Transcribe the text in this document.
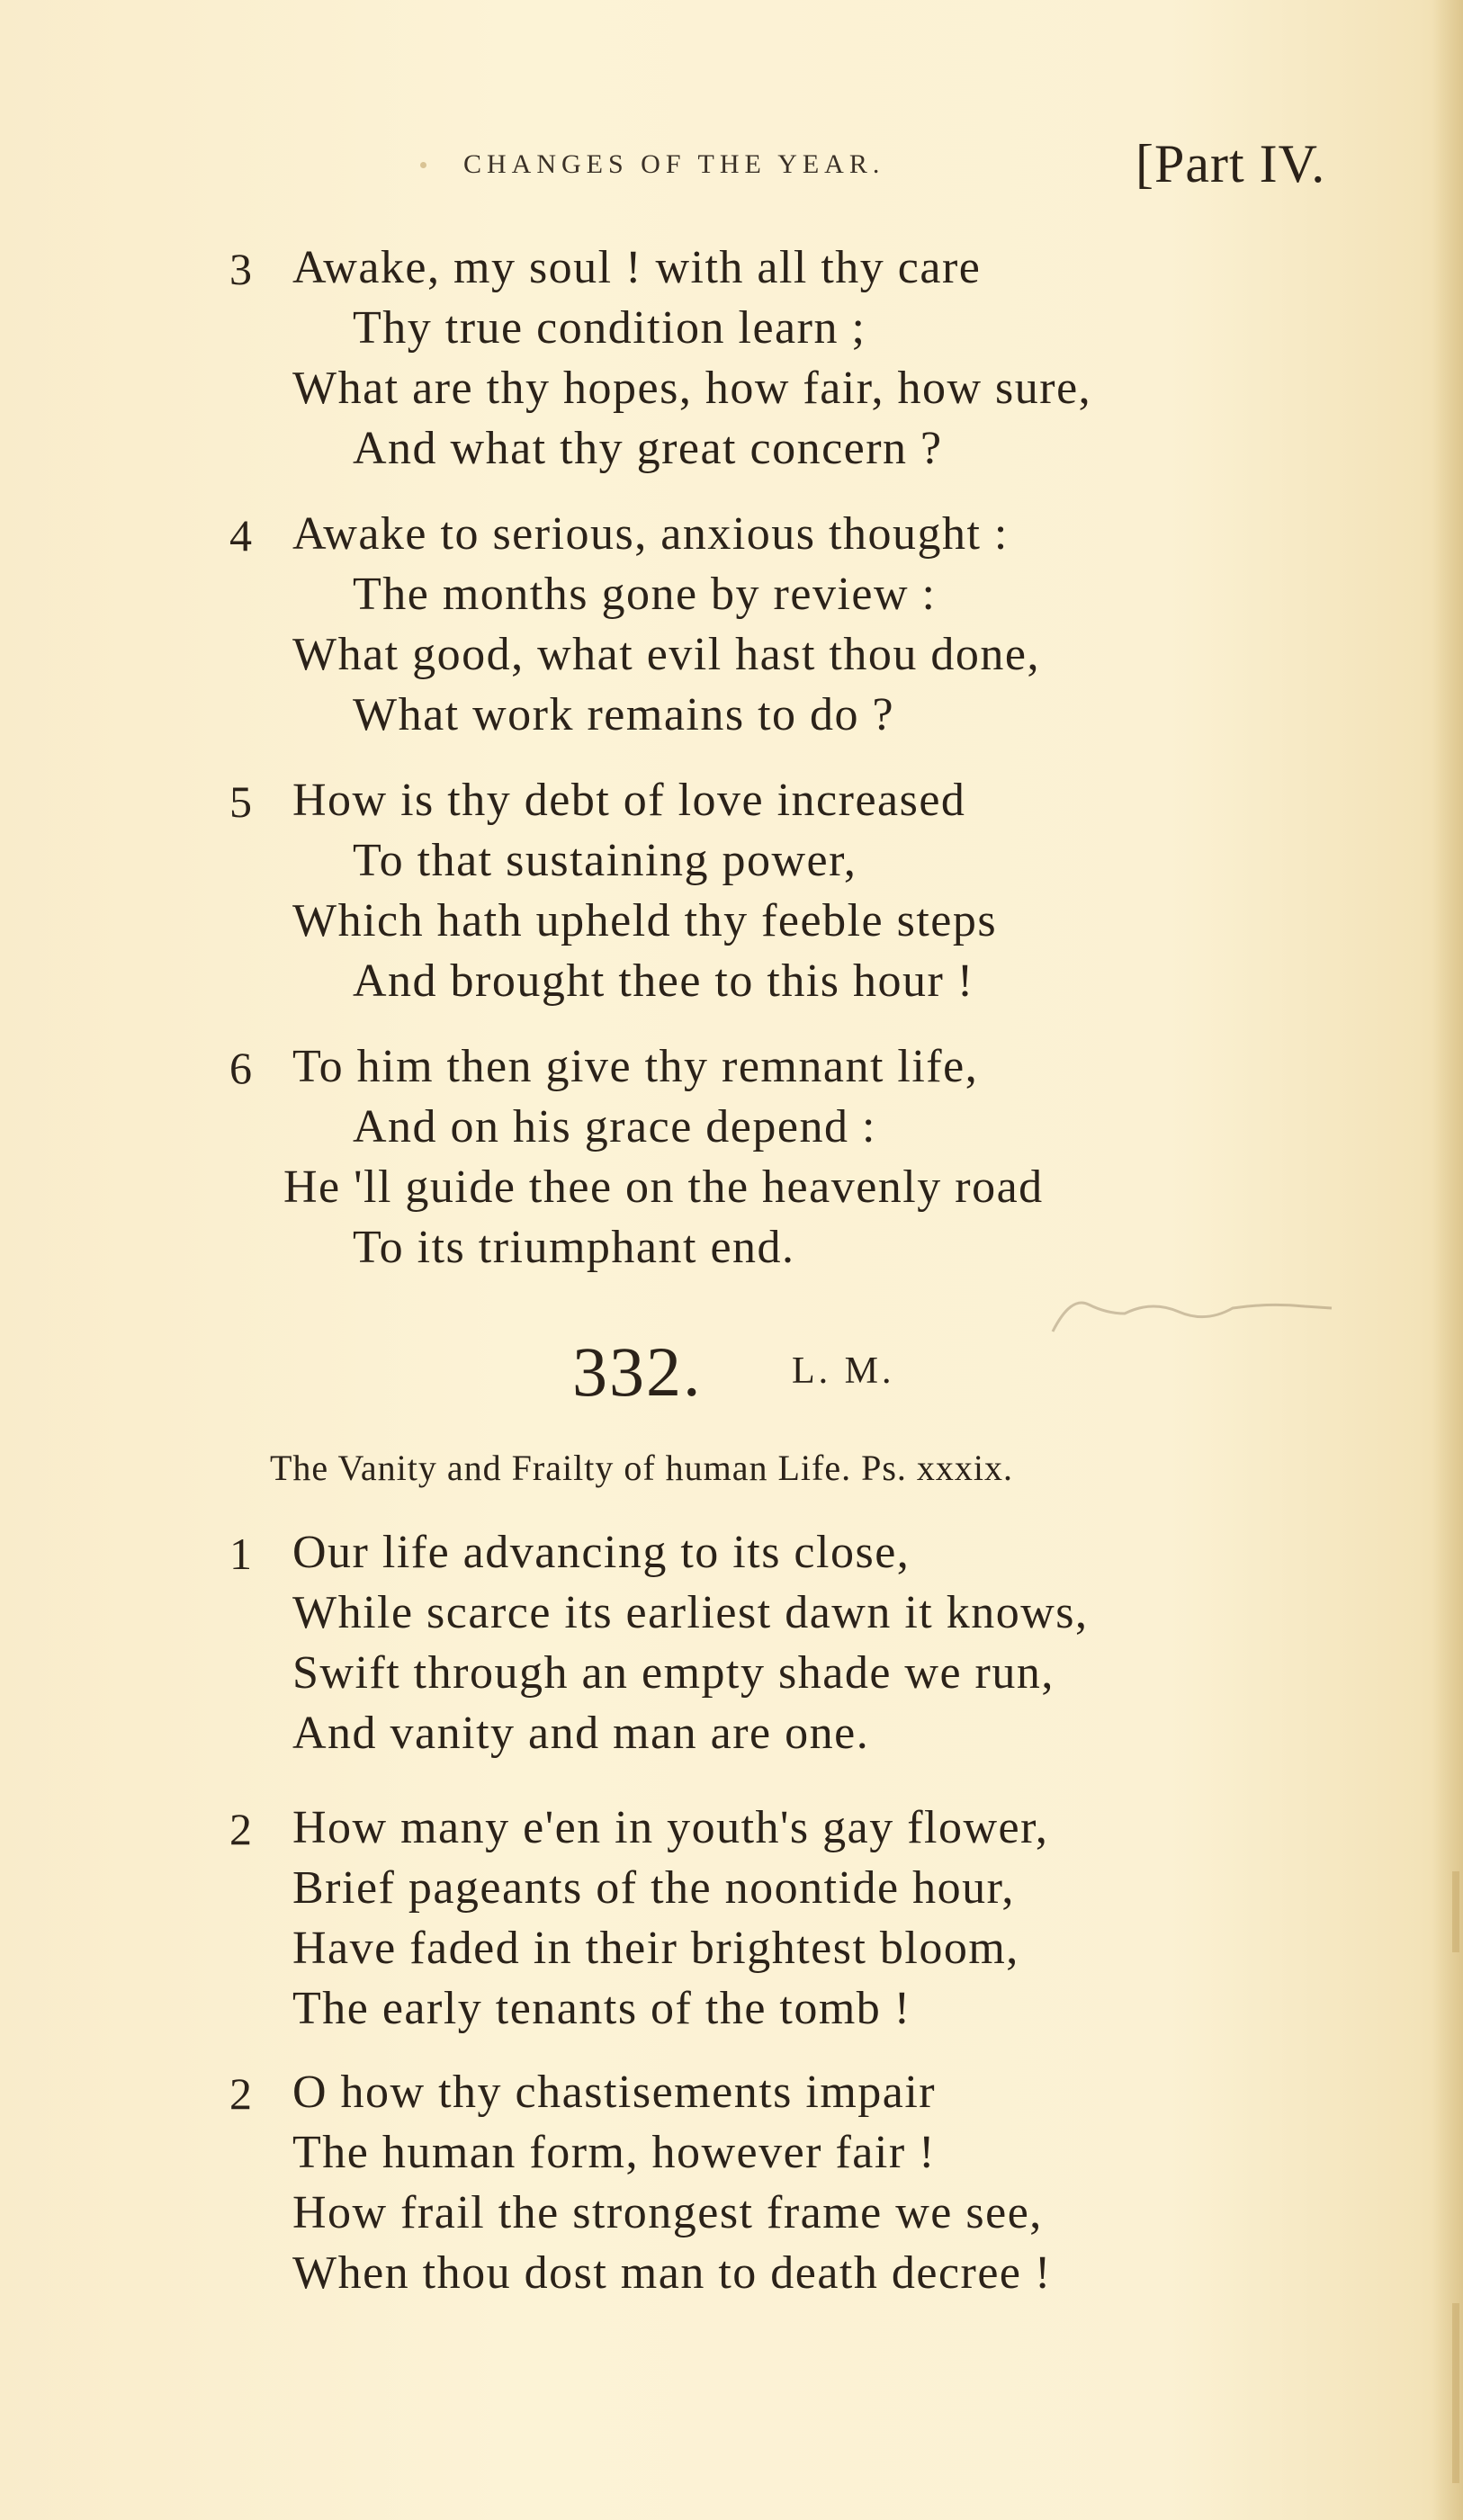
CHANGES OF THE YEAR.	[Part IV.
3 Awake, my soul ! with all thy care
Thy true condition learn ;
What are thy hopes, how fair, how sure,
And what thy great concern ?
4 Awake to serious, anxious thought :
The months gone by review :
What good, what evil hast thou done,
What work remains to do ?
5 How is thy debt of love increased
To that sustaining power,
Which hath upheld thy feeble steps
And brought thee to this hour !
6 To him then give thy remnant life,
And on his grace depend :
He 'll guide thee on the heavenly road
To its triumphant end.
332. L. M.
The Vanity and Frailty of human Life. Ps. xxxix.
1 Our life advancing to its close,
While scarce its earliest dawn it knows,
Swift through an empty shade we run,
And vanity and man are one.
2 How many e'en in youth's gay flower,
Brief pageants of the noontide hour,
Have faded in their brightest bloom,
The early tenants of the tomb !
2 O how thy chastisements impair
The human form, however fair !
How frail the strongest frame we see,
When thou dost man to death decree !
